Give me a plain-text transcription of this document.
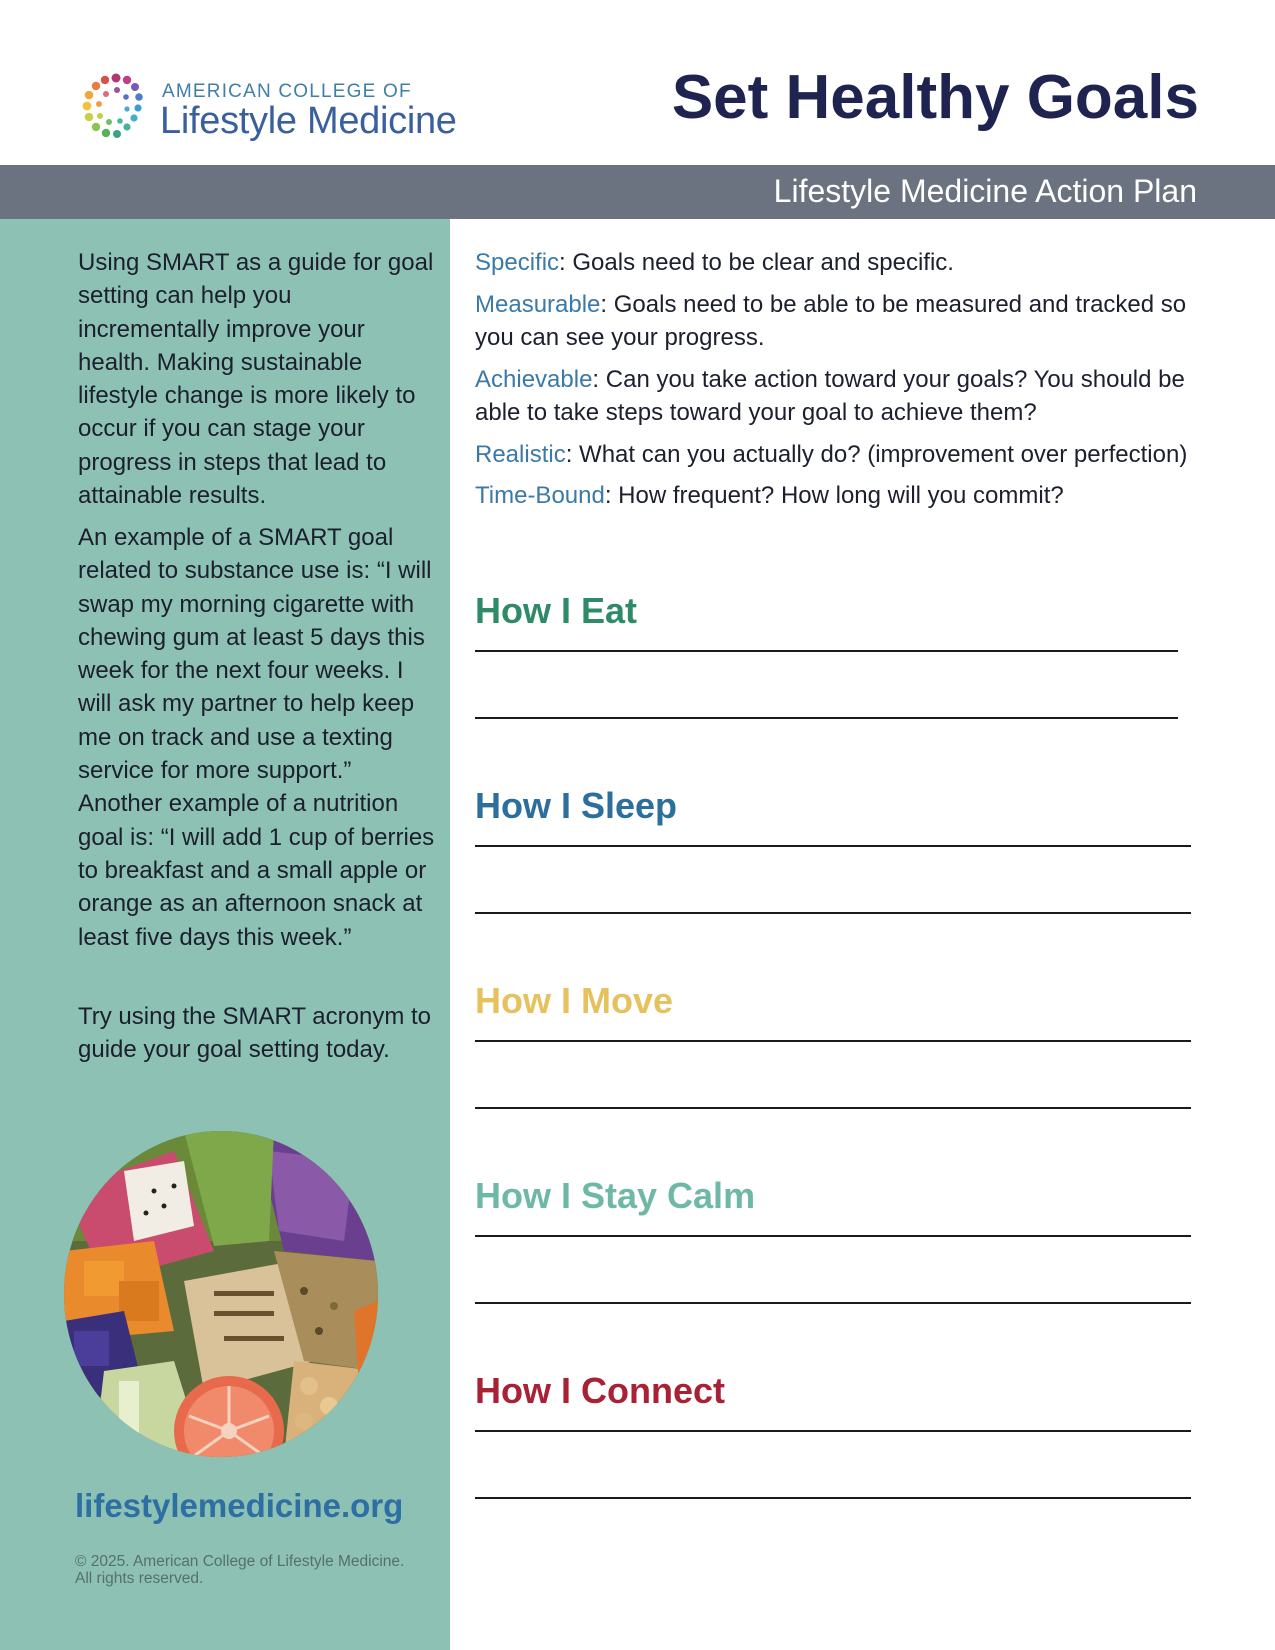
AMERICAN COLLEGE OF
Lifestyle Medicine	Set Healthy Goals
Lifestyle Medicine Action Plan

Using SMART as a guide for goal setting can help you incrementally improve your health. Making sustainable lifestyle change is more likely to occur if you can stage your progress in steps that lead to attainable results.

An example of a SMART goal related to substance use is: “I will swap my morning cigarette with chewing gum at least 5 days this week for the next four weeks. I will ask my partner to help keep me on track and use a texting service for more support.” Another example of a nutrition goal is: “I will add 1 cup of berries to breakfast and a small apple or orange as an afternoon snack at least five days this week.”

Try using the SMART acronym to guide your goal setting today.

lifestylemedicine.org
© 2025. American College of Lifestyle Medicine. All rights reserved.
Specific: Goals need to be clear and specific.
Measurable: Goals need to be able to be measured and tracked so you can see your progress.
Achievable: Can you take action toward your goals? You should be able to take steps toward your goal to achieve them?
Realistic: What can you actually do? (improvement over perfection)
Time-Bound: How frequent? How long will you commit?
How I Eat
How I Sleep
How I Move
How I Stay Calm
How I Connect
